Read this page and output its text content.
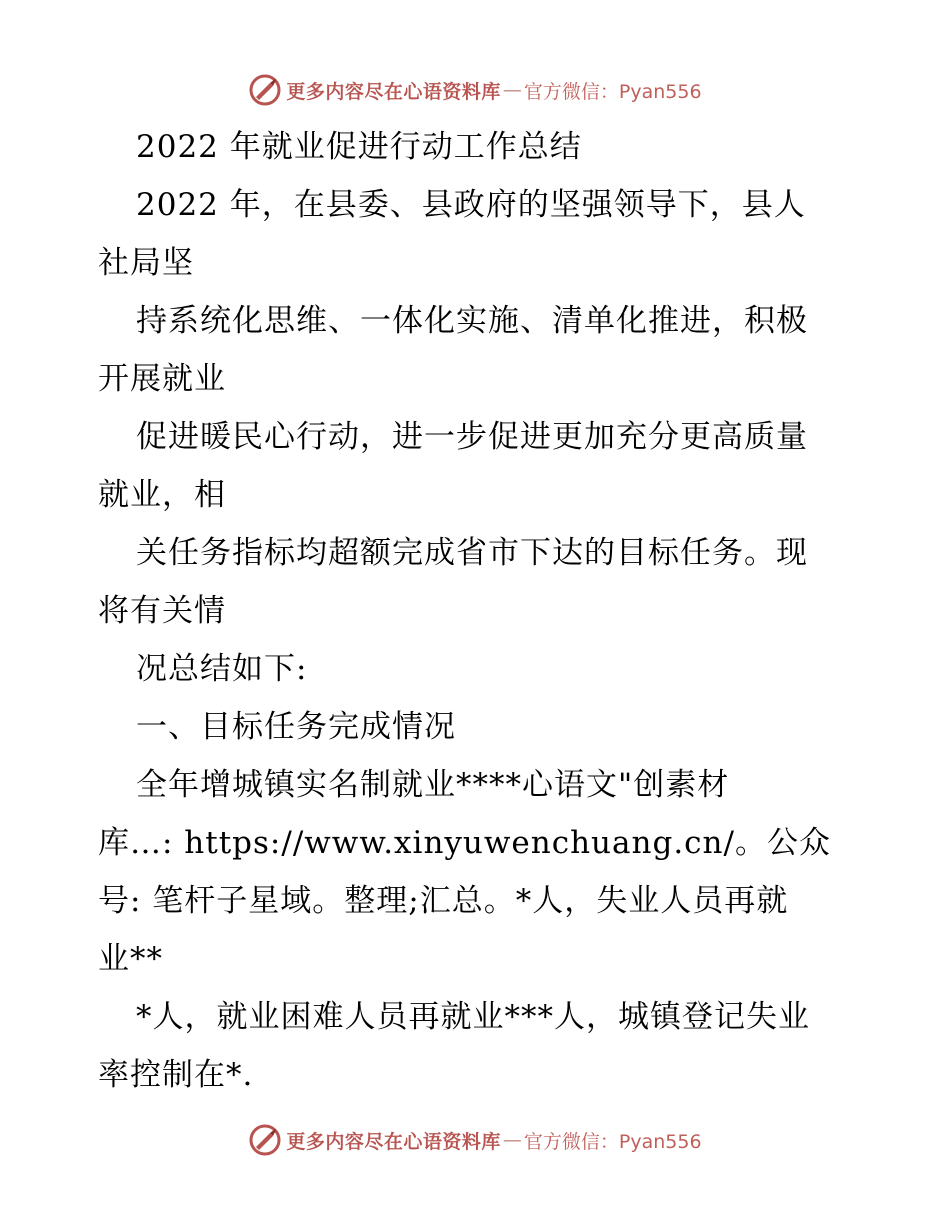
更多内容尽在心语资料库 — 官方微信：Pyan556
2022 年就业促进行动工作总结
2022 年，在县委、县政府的坚强领导下，县人
社局坚
持系统化思维、一体化实施、清单化推进，积极
开展就业
促进暖民心行动，进一步促进更加充分更高质量
就业，相
关任务指标均超额完成省市下达的目标任务。现
将有关情
况总结如下:
一、目标任务完成情况
全年增城镇实名制就业****心语文"创素材
库…: https://www.xinyuwenchuang.cn/。公众
号: 笔杆子星域。整理;汇总。*人，失业人员再就
业**
*人，就业困难人员再就业***人，城镇登记失业
率控制在*.
更多内容尽在心语资料库 — 官方微信：Pyan556
